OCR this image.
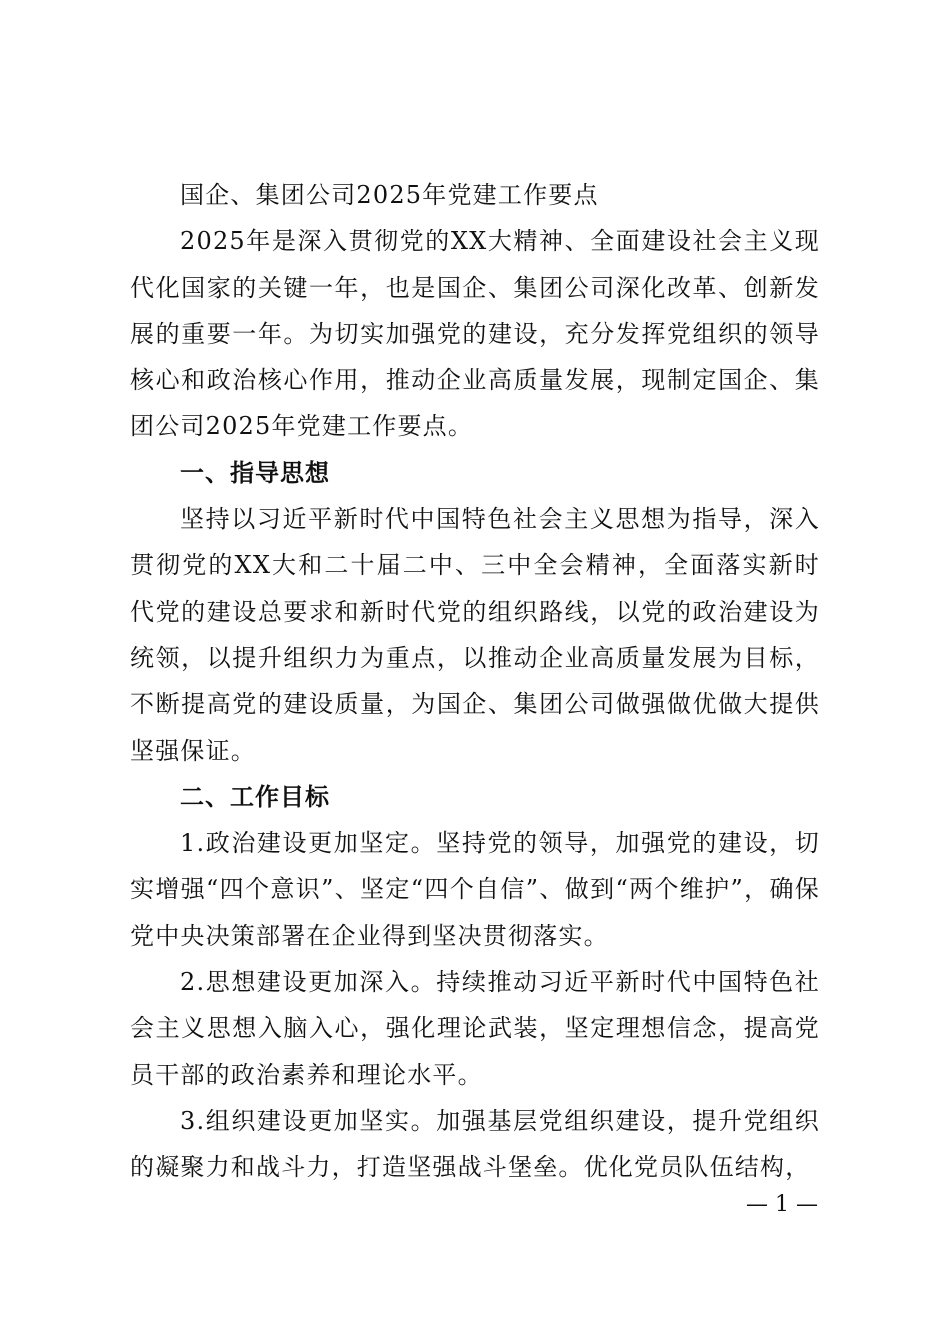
国企、集团公司2025年党建工作要点

2025年是深入贯彻党的XX大精神、全面建设社会主义现代化国家的关键一年，也是国企、集团公司深化改革、创新发展的重要一年。为切实加强党的建设，充分发挥党组织的领导核心和政治核心作用，推动企业高质量发展，现制定国企、集团公司2025年党建工作要点。

一、指导思想

坚持以习近平新时代中国特色社会主义思想为指导，深入贯彻党的XX大和二十届二中、三中全会精神，全面落实新时代党的建设总要求和新时代党的组织路线，以党的政治建设为统领，以提升组织力为重点，以推动企业高质量发展为目标，不断提高党的建设质量，为国企、集团公司做强做优做大提供坚强保证。

二、工作目标

1.政治建设更加坚定。坚持党的领导，加强党的建设，切实增强“四个意识”、坚定“四个自信”、做到“两个维护”，确保党中央决策部署在企业得到坚决贯彻落实。

2.思想建设更加深入。持续推动习近平新时代中国特色社会主义思想入脑入心，强化理论武装，坚定理想信念，提高党员干部的政治素养和理论水平。

3.组织建设更加坚实。加强基层党组织建设，提升党组织的凝聚力和战斗力，打造坚强战斗堡垒。优化党员队伍结构，

— 1 —
